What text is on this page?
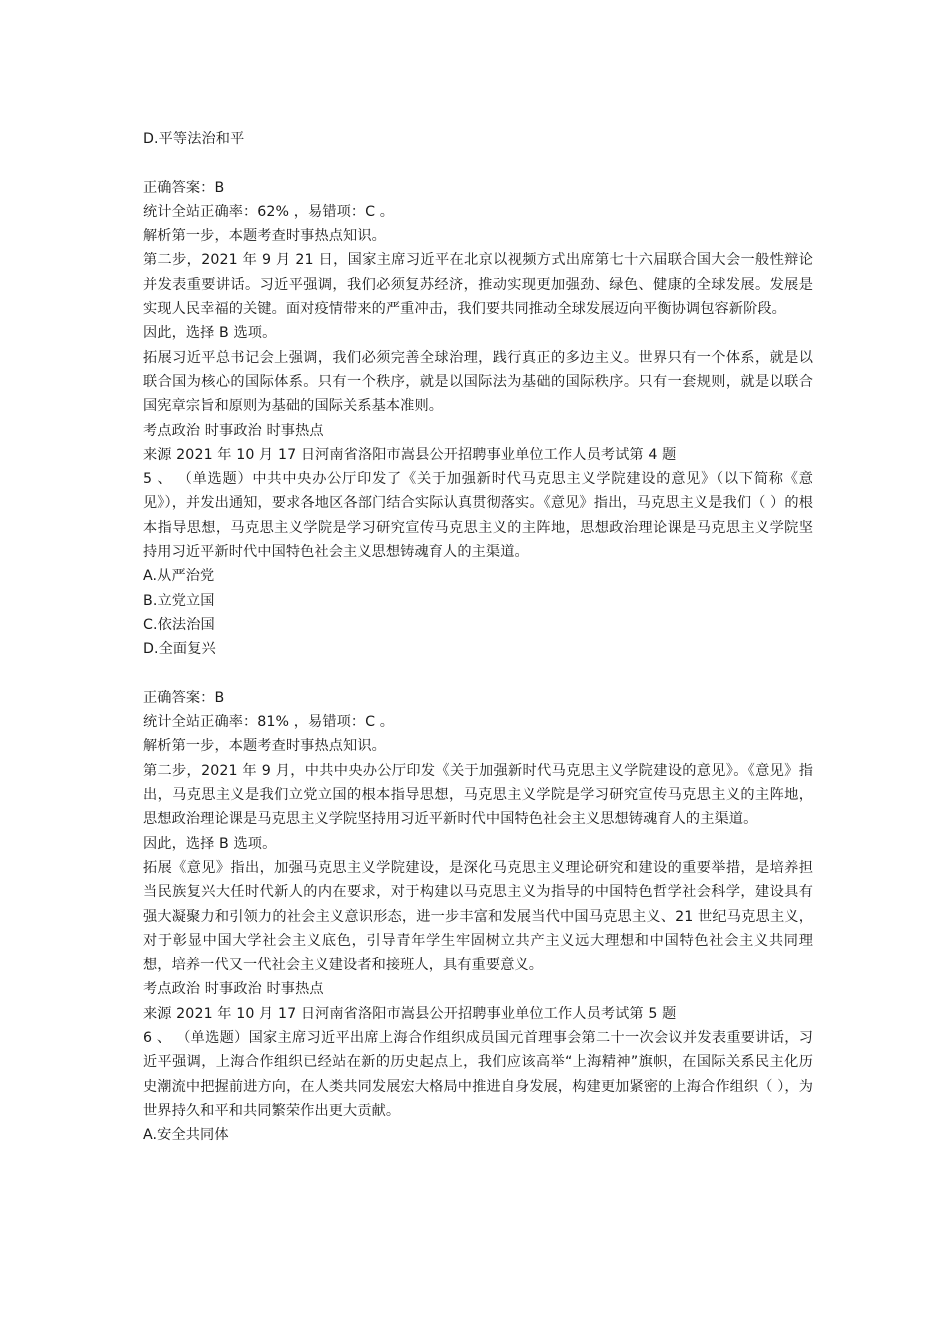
D.平等法治和平
正确答案：B
统计全站正确率：62% ，易错项：C 。
解析第一步，本题考查时事热点知识。
第二步，2021 年 9 月 21 日，国家主席习近平在北京以视频方式出席第七十六届联合国大会一般性辩论并发表重要讲话。习近平强调，我们必须复苏经济，推动实现更加强劲、绿色、健康的全球发展。发展是实现人民幸福的关键。面对疫情带来的严重冲击，我们要共同推动全球发展迈向平衡协调包容新阶段。
因此，选择 B 选项。
拓展习近平总书记会上强调，我们必须完善全球治理，践行真正的多边主义。世界只有一个体系，就是以联合国为核心的国际体系。只有一个秩序，就是以国际法为基础的国际秩序。只有一套规则，就是以联合国宪章宗旨和原则为基础的国际关系基本准则。
考点政治 时事政治 时事热点
来源 2021 年 10 月 17 日河南省洛阳市嵩县公开招聘事业单位工作人员考试第 4 题
5 、 （单选题）中共中央办公厅印发了《关于加强新时代马克思主义学院建设的意见》（以下简称《意见》），并发出通知，要求各地区各部门结合实际认真贯彻落实。《意见》指出，马克思主义是我们（ ）的根本指导思想，马克思主义学院是学习研究宣传马克思主义的主阵地，思想政治理论课是马克思主义学院坚持用习近平新时代中国特色社会主义思想铸魂育人的主渠道。
A.从严治党
B.立党立国
C.依法治国
D.全面复兴
正确答案：B
统计全站正确率：81% ，易错项：C 。
解析第一步，本题考查时事热点知识。
第二步，2021 年 9 月，中共中央办公厅印发《关于加强新时代马克思主义学院建设的意见》。《意见》指出，马克思主义是我们立党立国的根本指导思想，马克思主义学院是学习研究宣传马克思主义的主阵地，思想政治理论课是马克思主义学院坚持用习近平新时代中国特色社会主义思想铸魂育人的主渠道。
因此，选择 B 选项。
拓展《意见》指出，加强马克思主义学院建设，是深化马克思主义理论研究和建设的重要举措，是培养担当民族复兴大任时代新人的内在要求，对于构建以马克思主义为指导的中国特色哲学社会科学，建设具有强大凝聚力和引领力的社会主义意识形态，进一步丰富和发展当代中国马克思主义、21 世纪马克思主义，对于彰显中国大学社会主义底色，引导青年学生牢固树立共产主义远大理想和中国特色社会主义共同理想，培养一代又一代社会主义建设者和接班人，具有重要意义。
考点政治 时事政治 时事热点
来源 2021 年 10 月 17 日河南省洛阳市嵩县公开招聘事业单位工作人员考试第 5 题
6 、 （单选题）国家主席习近平出席上海合作组织成员国元首理事会第二十一次会议并发表重要讲话，习近平强调，上海合作组织已经站在新的历史起点上，我们应该高举“上海精神”旗帜，在国际关系民主化历史潮流中把握前进方向，在人类共同发展宏大格局中推进自身发展，构建更加紧密的上海合作组织（ ），为世界持久和平和共同繁荣作出更大贡献。
A.安全共同体
